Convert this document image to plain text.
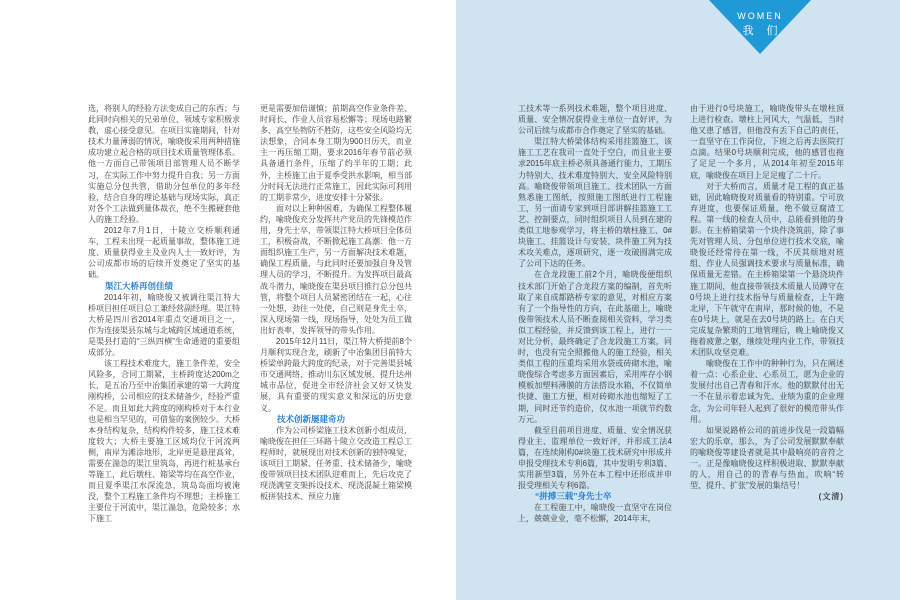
WOMEN
我 们

选，将别人的经验方法变成自己的东西；与此同时向相关的兄弟单位、领域专家积极求教，虚心接受意见。在项目实施期间，针对技术力量薄弱的情况，喻晓俊采用两种措施成功建立起合格的项目技术质量管理体系。他一方面自己带领项目部管理人员不断学习，在实际工作中努力提升自我；另一方面实施总分包共管，借助分包单位的多年经验，结合自身的理论基础与现场实际，真正对各个工法做到量体裁衣，绝不生搬硬套他人的施工经验。

2012年7月1日，十陵立交桥顺利通车，工程未出现一起质量事故，整体施工进度、质量获得业主及业内人士一致好评，为公司成都市场的后续开发奠定了坚实的基础。

渠江大桥再创佳绩

2014年初，喻晓俊又被调往渠江特大桥项目担任项目总工兼经营副经理。渠江特大桥是四川省2014年重点交通项目之一，作为连接渠县东城与北城跨区域通道系统，是渠县打造的“三纵四横”生命通道的重要组成部分。

该工程技术难度大，施工条件差，安全风险多，合同工期紧，主桥跨度达200m之长，是五冶乃至中冶集团承建的第一大跨度刚构桥，公司相应的技术储备少，经验严重不足。而且如此大跨度的刚构桥对于本行业也是相当罕见的，可借鉴的案例较少。大桥本身结构复杂，结构构件较多，施工技术难度较大；大桥主要施工区域均位于河流两侧，南岸为滩涂地形，北岸更是悬崖高耸，需要在湍急的渠江里筑岛，再进行桩基承台等施工，此后墩柱、箱梁等均在高空作业，而且夏季渠江水深流急，筑岛岛面均被淹没，整个工程施工条件均不理想；主桥施工主要位于河流中，渠江湍急，危险较多；水下施工

更是需要加倍谨慎；前期高空作业条件差、时间长、作业人员容易松懈等；现场电路繁多、高空坠物防不胜防，这些安全风险均无法想象，合同本身工期为900日历天，而业主一再压缩工期，要求2016年春节前必须具备通行条件，压缩了约半年的工期；此外，主桥施工由于夏季受洪水影响，相当部分时间无法进行正常施工，因此实际可利用的工期非常少，进度安排十分紧张。

面对以上种种困难，为确保工程整体履约，喻晓俊充分发挥共产党员的先锋模范作用，身先士卒，带领渠江特大桥项目全体员工，积极奋战，不断掀起施工高潮：他一方面组织施工生产，另一方面解决技术难题，确保工程质量，与此同时还要加强自身及管理人员的学习，不断提升。为发挥项目最高战斗潜力，喻晓俊在渠县项目推行总分包共管，将整个项目人员紧密团结在一起，心往一处想，劲往一处使，自己则是身先士卒，深入现场第一线，现场指导，处处为员工做出好表率，发挥领导的带头作用。

2015年12月11日，渠江特大桥提前8个月顺利实现合龙，刷新了中冶集团目前特大桥梁单跨最大跨度的纪录，对于完善渠县城市交通网络、推动川东区域发展、提升达州城市品位，促进全市经济社会又好又快发展，具有重要的现实意义和深远的历史意义。

技术创新屡建奇功

作为公司桥梁施工技术创新小组成员，喻晓俊在担任三环路十陵立交改造工程总工程师时，就展现出对技术创新的独特嗅觉，该项目工期紧、任务重、技术储备少，喻晓俊带领项目技术团队迎难而上，先后攻克了现浇满堂支架拆设技术、现浇混凝土箱梁模板拼装技术、预应力施

工技术等一系列技术难题，整个项目进度、质量、安全情况获得业主单位一直好评，为公司后续与成都市合作奠定了坚实的基础。

渠江特大桥梁体结构采用挂篮施工，该施工工艺在我司一直处于空白，而且业主要求2015年底主桥必须具备通行能力，工期压力特别大、技术难度特别大、安全风险特别高。喻晓俊带领项目施工、技术团队一方面熟悉施工图纸，按照施工图纸进行工程施工，另一面请专家到项目部讲解挂篮施工工艺、控制要点，同时组织项目人员到在建的类似工地参观学习，将主桥的墩柱施工、0#块施工、挂篮设计与安装、块件施工列为技术攻关难点，逐项研究，逐一攻破圆满完成了公司下达的任务。

在合龙段施工前2个月，喻晓俊便组织技术部门开始了合龙段方案的编制，首先听取了来自成都路桥专家的意见，对相应方案有了一个指导性的方向，在此基础上，喻晓俊带领技术人员不断查阅相关资料，学习类似工程经验，并反馈到该工程上，进行一一对比分析，最终确定了合龙段施工方案，同时，也没有完全照搬他人的施工经验，相关类似工程的压重均采用水袋或砖砌水池，喻晓俊综合考虑多方面因素后，采用库存小钢模板加塑料薄膜的方法搭设水箱，不仅简单快捷、施工方便，相对砖砌水池也缩短了工期，同时还节约造价，仅水池一项就节约数万元。

截至目前项目进度、质量、安全情况获得业主、监理单位一致好评，并形成工法4篇，在连续刚构0#块施工技术研究中形成并申报受理技术专利6篇，其中发明专利3篇、实用新型3篇，另外在本工程中还形成并申报受理相关专利6篇。

“拼搏三载”身先士卒

在工程施工中，喻晓俊一直坚守在岗位上，兢兢业业，毫不松懈，2014年末，

由于进行0号块施工，喻晓俊带头在墩柱顶上进行检查。墩柱上河风大，气温低，当时他又患了感冒，但他没有丢下自己的责任，一直坚守在工作岗位，下班之后再去医院打点滴。结果0号块顺利完成，他的感冒也拖了足足一个多月，从2014年初至2015年底，喻晓俊在项目上足足瘦了二十斤。

对于大桥而言，质量才是工程的真正基础，因此喻晓俊对质量看的特别重。宁可放弃进度，也要保证质量，绝不做豆腐渣工程。第一线的检查人员中，总能看到他的身影。在主桥箱梁第一个块件浇筑前，除了事先对管理人员、分包单位进行技术交底，喻晓俊还经常待在第一线，不厌其烦地对班组、作业人员强调技术要求与质量标准，确保质量无差错。在主桥箱梁第一个悬浇块件施工期间，他直接带领技术质量人员蹲守在0号块上进行技术指导与质量检查，上午跑北岸，下午就守在南岸，那时候的他，不是在0号块上，就是在去0号块的路上。在白天完成复杂繁琐的工地管理后，晚上喻晓俊又拖着疲惫之躯，继续处理内业工作，带领技术团队攻坚克难。

喻晓俊在工作中的种种行为，只在阐述着一点：心系企业、心系员工，愿为企业的发展付出自己青春和汗水。他的默默付出无一不在显示着忠诚为先、业绩为重的企业理念，为公司年轻人起到了很好的模范带头作用。

如果说路桥公司的前进步伐是一段篇幅宏大的乐章，那么，为了公司发展默默奉献的喻晓俊等建设者就是其中最响亮的音符之一。正是像喻晓俊这样积极进取、默默奉献的人，用自己的的青春与热血，吹响“转型、提升、扩张”发展的集结号！

(文清)
